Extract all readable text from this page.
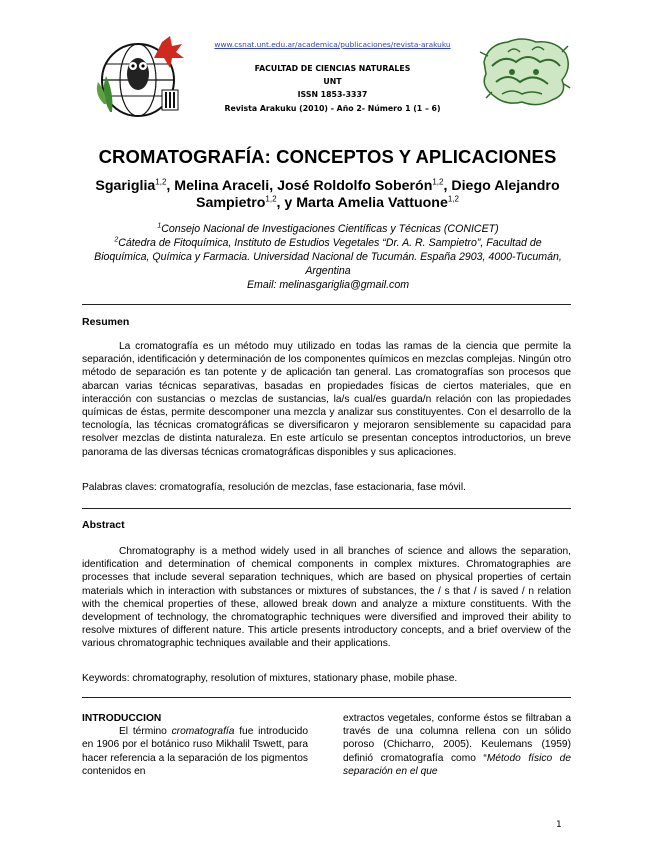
www.csnat.unt.edu.ar/academica/publicaciones/revista-arakuku
FACULTAD DE CIENCIAS NATURALES
UNT
ISSN 1853-3337
Revista Arakuku (2010) - Año 2- Número 1 (1 – 6)
CROMATOGRAFÍA: CONCEPTOS Y APLICACIONES
Sgariglia$^{1,2}$, Melina Araceli, José Roldolfo Soberón$^{1,2}$, Diego Alejandro Sampietro$^{1,2}$, y Marta Amelia Vattuone$^{1,2}$
$^1$Consejo Nacional de Investigaciones Científicas y Técnicas (CONICET)
$^2$Cátedra de Fitoquímica, Instituto de Estudios Vegetales “Dr. A. R. Sampietro”, Facultad de Bioquímica, Química y Farmacia. Universidad Nacional de Tucumán. España 2903, 4000-Tucumán, Argentina
Email: melinasgariglia@gmail.com
Resumen
La cromatografía es un método muy utilizado en todas las ramas de la ciencia que permite la separación, identificación y determinación de los componentes químicos en mezclas complejas. Ningún otro método de separación es tan potente y de aplicación tan general. Las cromatografías son procesos que abarcan varias técnicas separativas, basadas en propiedades físicas de ciertos materiales, que en interacción con sustancias o mezclas de sustancias, la/s cual/es guarda/n relación con las propiedades químicas de éstas, permite descomponer una mezcla y analizar sus constituyentes. Con el desarrollo de la tecnología, las técnicas cromatográficas se diversificaron y mejoraron sensiblemente su capacidad para resolver mezclas de distinta naturaleza. En este artículo se presentan conceptos introductorios, un breve panorama de las diversas técnicas cromatográficas disponibles y sus aplicaciones.
Palabras claves: cromatografía, resolución de mezclas, fase estacionaria, fase móvil.
Abstract
Chromatography is a method widely used in all branches of science and allows the separation, identification and determination of chemical components in complex mixtures. Chromatographies are processes that include several separation techniques, which are based on physical properties of certain materials which in interaction with substances or mixtures of substances, the / s that / is saved / n relation with the chemical properties of these, allowed break down and analyze a mixture constituents. With the development of technology, the chromatographic techniques were diversified and improved their ability to resolve mixtures of different nature. This article presents introductory concepts, and a brief overview of the various chromatographic techniques available and their applications.
Keywords: chromatography, resolution of mixtures, stationary phase, mobile phase.
INTRODUCCION
El término cromatografía fue introducido en 1906 por el botánico ruso Mikhalil Tswett, para hacer referencia a la separación de los pigmentos contenidos en
extractos vegetales, conforme éstos se filtraban a través de una columna rellena con un sólido poroso (Chicharro, 2005). Keulemans (1959) definió cromatografía como “Método físico de separación en el que
1
